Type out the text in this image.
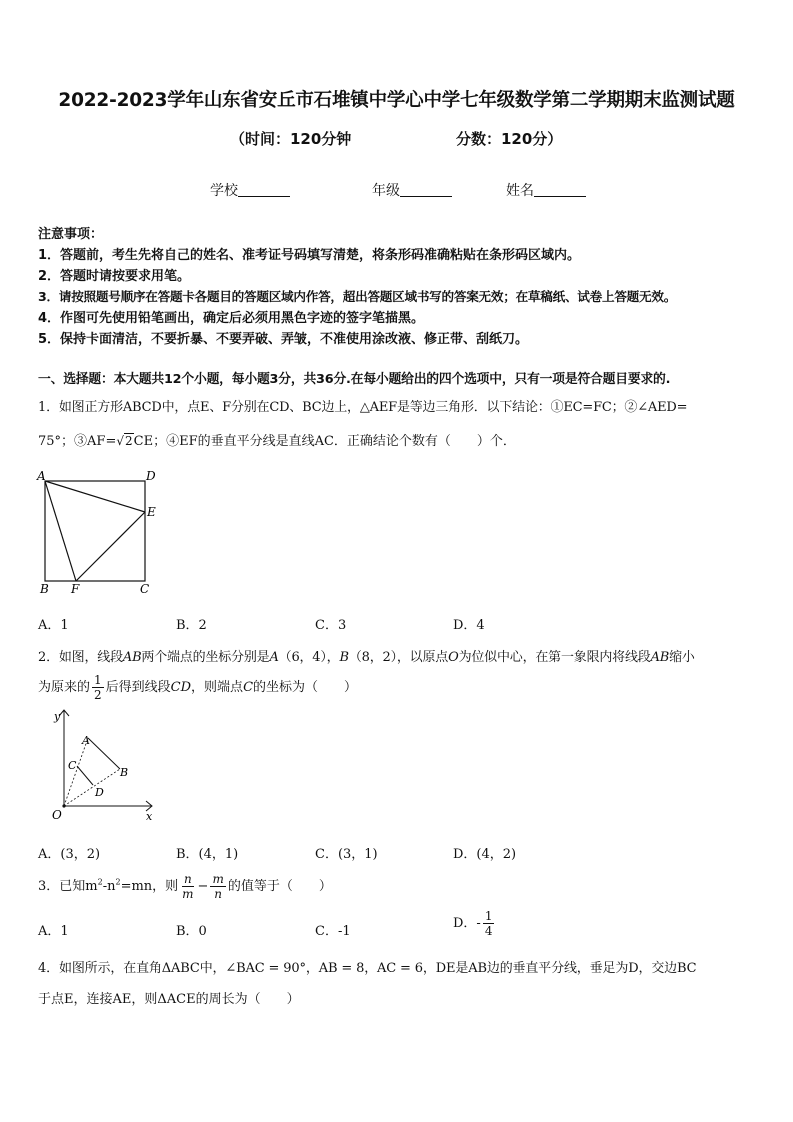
2022-2023学年山东省安丘市石堆镇中学心中学七年级数学第二学期期末监测试题
（时间：120分钟	分数：120分）
学校	年级	姓名
注意事项：
1．答题前，考生先将自己的姓名、准考证号码填写清楚，将条形码准确粘贴在条形码区域内。
2．答题时请按要求用笔。
3．请按照题号顺序在答题卡各题目的答题区域内作答，超出答题区域书写的答案无效；在草稿纸、试卷上答题无效。
4．作图可先使用铅笔画出，确定后必须用黑色字迹的签字笔描黑。
5．保持卡面清洁，不要折暴、不要弄破、弄皱，不准使用涂改液、修正带、刮纸刀。
一、选择题：本大题共12个小题，每小题3分，共36分.在每小题给出的四个选项中，只有一项是符合题目要求的.
1．如图正方形ABCD中，点E、F分别在CD、BC边上，△AEF是等边三角形．以下结论：①EC=FC；②∠AED=
75°；③AF=√2CE；④EF的垂直平分线是直线AC．正确结论个数有（　　）个．
A	D
E
B F	C
A．1	B．2	C．3	D．4
2．如图，线段AB两个端点的坐标分别是A（6，4），B（8，2），以原点O为位似中心，在第一象限内将线段AB缩小
为原来的 $\frac{1}{2}$ 后得到线段CD，则端点C的坐标为（　　）
y
x
O
A
B
C
D
A．(3，2)	B．(4，1)	C．(3，1)	D．(4，2)
3．已知$m^2-n^2=mn$，则 $\frac{n}{m} - \frac{m}{n}$ 的值等于（　　）
A．1	B．0	C．-1
D．- $\frac{1}{4}$
4．如图所示，在直角ΔABC中，∠BAC = 90°，AB = 8，AC = 6，DE是AB边的垂直平分线，垂足为D，交边BC
于点E，连接AE，则ΔACE的周长为（　　）
